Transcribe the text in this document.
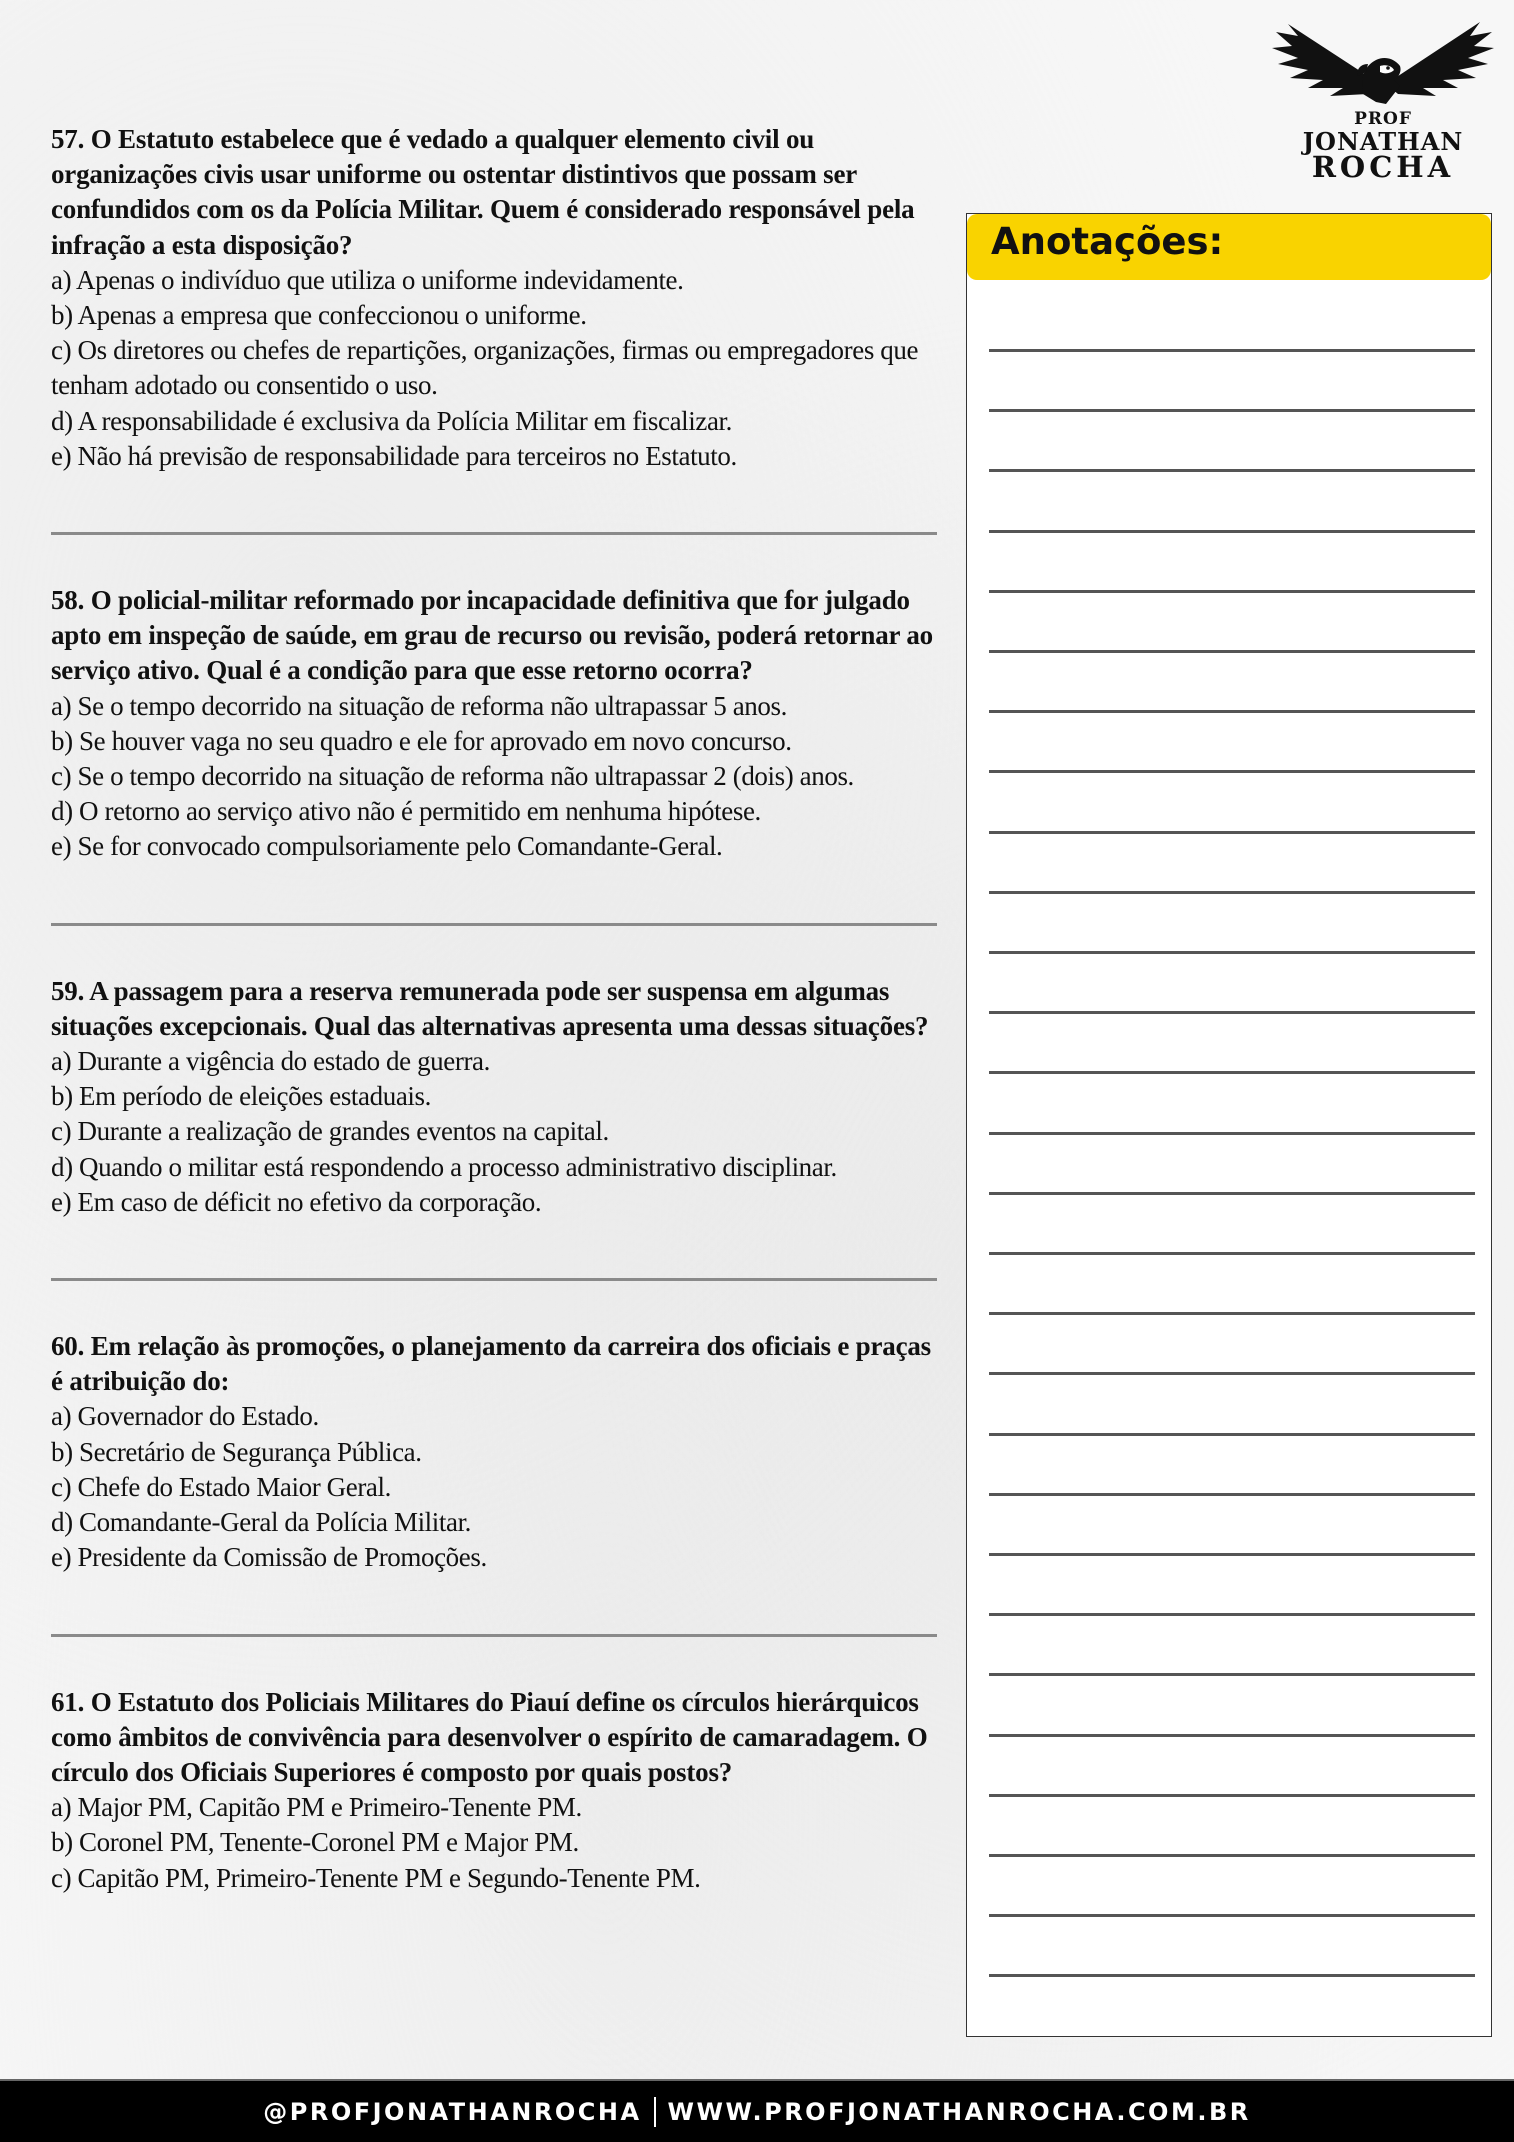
PROF
JONATHAN
ROCHA
57. O Estatuto estabelece que é vedado a qualquer elemento civil ou organizações civis usar uniforme ou ostentar distintivos que possam ser confundidos com os da Polícia Militar. Quem é considerado responsável pela infração a esta disposição?
a) Apenas o indivíduo que utiliza o uniforme indevidamente.
b) Apenas a empresa que confeccionou o uniforme.
c) Os diretores ou chefes de repartições, organizações, firmas ou empregadores que tenham adotado ou consentido o uso.
d) A responsabilidade é exclusiva da Polícia Militar em fiscalizar.
e) Não há previsão de responsabilidade para terceiros no Estatuto.
58. O policial-militar reformado por incapacidade definitiva que for julgado apto em inspeção de saúde, em grau de recurso ou revisão, poderá retornar ao serviço ativo. Qual é a condição para que esse retorno ocorra?
a) Se o tempo decorrido na situação de reforma não ultrapassar 5 anos.
b) Se houver vaga no seu quadro e ele for aprovado em novo concurso.
c) Se o tempo decorrido na situação de reforma não ultrapassar 2 (dois) anos.
d) O retorno ao serviço ativo não é permitido em nenhuma hipótese.
e) Se for convocado compulsoriamente pelo Comandante-Geral.
59. A passagem para a reserva remunerada pode ser suspensa em algumas situações excepcionais. Qual das alternativas apresenta uma dessas situações?
a) Durante a vigência do estado de guerra.
b) Em período de eleições estaduais.
c) Durante a realização de grandes eventos na capital.
d) Quando o militar está respondendo a processo administrativo disciplinar.
e) Em caso de déficit no efetivo da corporação.
60. Em relação às promoções, o planejamento da carreira dos oficiais e praças é atribuição do:
a) Governador do Estado.
b) Secretário de Segurança Pública.
c) Chefe do Estado Maior Geral.
d) Comandante-Geral da Polícia Militar.
e) Presidente da Comissão de Promoções.
61. O Estatuto dos Policiais Militares do Piauí define os círculos hierárquicos como âmbitos de convivência para desenvolver o espírito de camaradagem. O círculo dos Oficiais Superiores é composto por quais postos?
a) Major PM, Capitão PM e Primeiro-Tenente PM.
b) Coronel PM, Tenente-Coronel PM e Major PM.
c) Capitão PM, Primeiro-Tenente PM e Segundo-Tenente PM.
Anotações:
@PROFJONATHANROCHA WWW.PROFJONATHANROCHA.COM.BR
